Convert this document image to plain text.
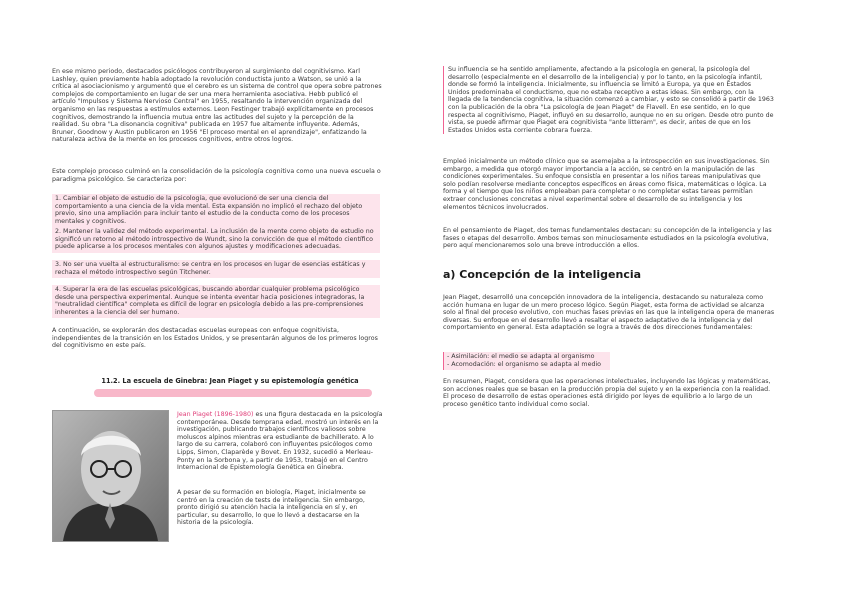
En ese mismo periodo, destacados psicólogos contribuyeron al surgimiento del cognitivismo. Karl Lashley, quien previamente había adoptado la revolución conductista junto a Watson, se unió a la crítica al asociacionismo y argumentó que el cerebro es un sistema de control que opera sobre patrones complejos de comportamiento en lugar de ser una mera herramienta asociativa. Hebb publicó el artículo "Impulsos y Sistema Nervioso Central" en 1955, resaltando la intervención organizada del organismo en las respuestas a estímulos externos. Leon Festinger trabajó explícitamente en procesos cognitivos, demostrando la influencia mutua entre las actitudes del sujeto y la percepción de la realidad. Su obra "La disonancia cognitiva" publicada en 1957 fue altamente influyente. Además, Bruner, Goodnow y Austin publicaron en 1956 "El proceso mental en el aprendizaje", enfatizando la naturaleza activa de la mente en los procesos cognitivos, entre otros logros.

Este complejo proceso culminó en la consolidación de la psicología cognitiva como una nueva escuela o paradigma psicológico. Se caracteriza por:

1. Cambiar el objeto de estudio de la psicología, que evolucionó de ser una ciencia del comportamiento a una ciencia de la vida mental. Esta expansión no implicó el rechazo del objeto previo, sino una ampliación para incluir tanto el estudio de la conducta como de los procesos mentales y cognitivos.
2. Mantener la validez del método experimental. La inclusión de la mente como objeto de estudio no significó un retorno al método introspectivo de Wundt, sino la convicción de que el método científico puede aplicarse a los procesos mentales con algunos ajustes y modificaciones adecuadas.
3. No ser una vuelta al estructuralismo: se centra en los procesos en lugar de esencias estáticas y rechaza el método introspectivo según Titchener.
4. Superar la era de las escuelas psicológicas, buscando abordar cualquier problema psicológico desde una perspectiva experimental. Aunque se intenta eventar hacia posiciones integradoras, la "neutralidad científica" completa es difícil de lograr en psicología debido a las pre-comprensiones inherentes a la ciencia del ser humano.

A continuación, se explorarán dos destacadas escuelas europeas con enfoque cognitivista, independientes de la transición en los Estados Unidos, y se presentarán algunos de los primeros logros del cognitivismo en este país.

11.2. La escuela de Ginebra: Jean Piaget y su epistemología genética

Jean Piaget (1896-1980) es una figura destacada en la psicología contemporánea. Desde temprana edad, mostró un interés en la investigación, publicando trabajos científicos valiosos sobre moluscos alpinos mientras era estudiante de bachillerato. A lo largo de su carrera, colaboró con influyentes psicólogos como Lipps, Simon, Claparède y Bovet. En 1932, sucedió a Merleau-Ponty en la Sorbona y, a partir de 1953, trabajó en el Centro Internacional de Epistemología Genética en Ginebra.

A pesar de su formación en biología, Piaget, inicialmente se centró en la creación de tests de inteligencia. Sin embargo, pronto dirigió su atención hacia la inteligencia en sí y, en particular, su desarrollo, lo que lo llevó a destacarse en la historia de la psicología.

Su influencia se ha sentido ampliamente, afectando a la psicología en general, la psicología del desarrollo (especialmente en el desarrollo de la inteligencia) y por lo tanto, en la psicología infantil, donde se formó la inteligencia. Inicialmente, su influencia se limitó a Europa, ya que en Estados Unidos predominaba el conductismo, que no estaba receptivo a estas ideas. Sin embargo, con la llegada de la tendencia cognitiva, la situación comenzó a cambiar, y esto se consolidó a partir de 1963 con la publicación de la obra "La psicología de Jean Piaget" de Flavell. En ese sentido, en lo que respecta al cognitivismo, Piaget, influyó en su desarrollo, aunque no en su origen. Desde otro punto de vista, se puede afirmar que Piaget era cognitivista "ante litteram", es decir, antes de que en los Estados Unidos esta corriente cobrara fuerza.

Empleó inicialmente un método clínico que se asemejaba a la introspección en sus investigaciones. Sin embargo, a medida que otorgó mayor importancia a la acción, se centró en la manipulación de las condiciones experimentales. Su enfoque consistía en presentar a los niños tareas manipulativas que solo podían resolverse mediante conceptos específicos en áreas como física, matemáticas o lógica. La forma y el tiempo que los niños empleaban para completar o no completar estas tareas permitían extraer conclusiones concretas a nivel experimental sobre el desarrollo de su inteligencia y los elementos técnicos involucrados.

En el pensamiento de Piaget, dos temas fundamentales destacan: su concepción de la inteligencia y las fases o etapas del desarrollo. Ambos temas son minuciosamente estudiados en la psicología evolutiva, pero aquí mencionaremos solo una breve introducción a ellos.

a) Concepción de la inteligencia

Jean Piaget, desarrolló una concepción innovadora de la inteligencia, destacando su naturaleza como acción humana en lugar de un mero proceso lógico. Según Piaget, esta forma de actividad se alcanza solo al final del proceso evolutivo, con muchas fases previas en las que la inteligencia opera de maneras diversas. Su enfoque en el desarrollo llevó a resaltar el aspecto adaptativo de la inteligencia y del comportamiento en general. Esta adaptación se logra a través de dos direcciones fundamentales:

- Asimilación: el medio se adapta al organismo
- Acomodación: el organismo se adapta al medio

En resumen, Piaget, considera que las operaciones intelectuales, incluyendo las lógicas y matemáticas, son acciones reales que se basan en la producción propia del sujeto y en la experiencia con la realidad. El proceso de desarrollo de estas operaciones está dirigido por leyes de equilibrio a lo largo de un proceso genético tanto individual como social.
